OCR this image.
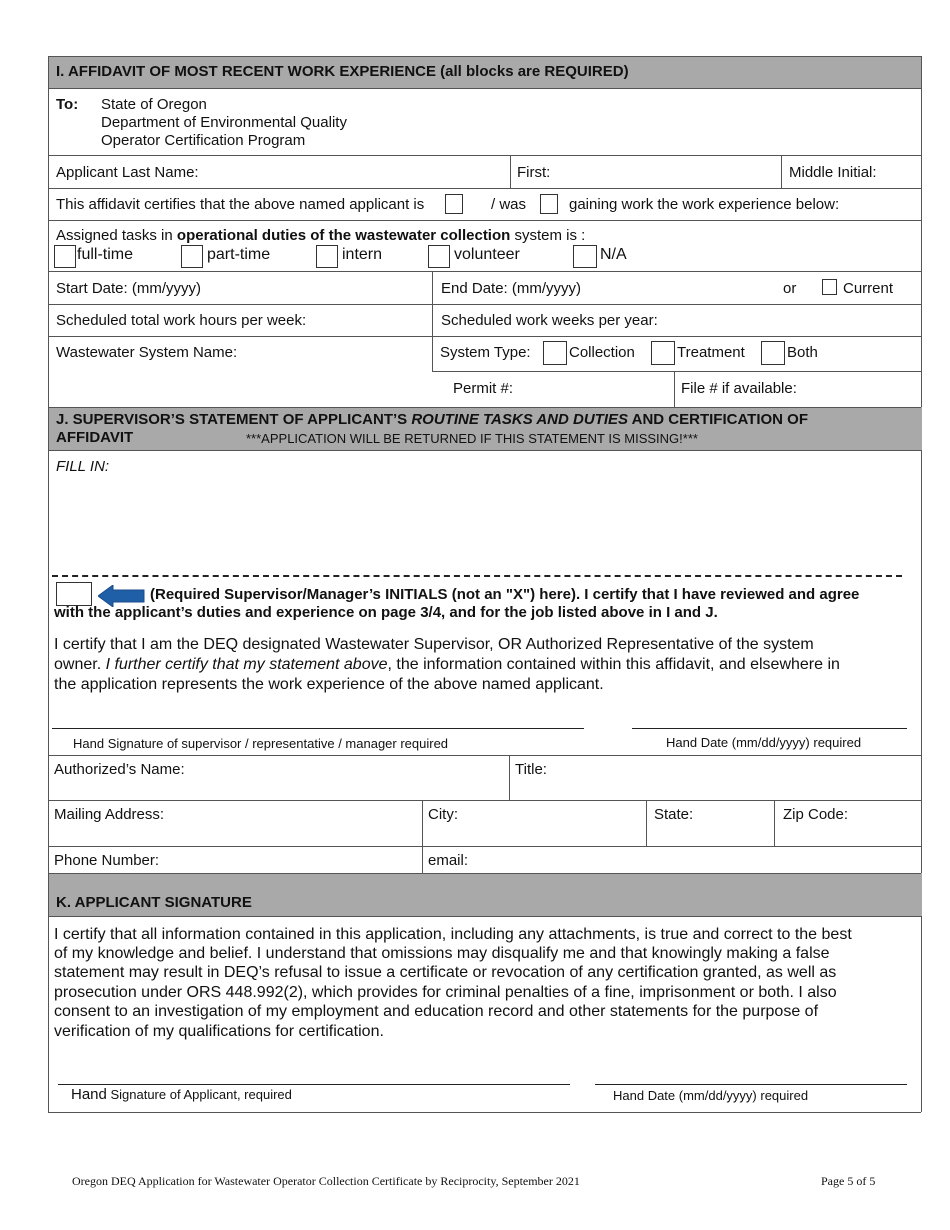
I. AFFIDAVIT OF MOST RECENT WORK EXPERIENCE (all blocks are REQUIRED)
To: State of Oregon
Department of Environmental Quality
Operator Certification Program
Applicant Last Name:	First:	Middle Initial:
This affidavit certifies that the above named applicant is	/ was	gaining work the work experience below:
Assigned tasks in operational duties of the wastewater collection system is :
full-time	part-time	intern	volunteer	N/A
Start Date: (mm/yyyy)	End Date: (mm/yyyy)	or	Current
Scheduled total work hours per week:	Scheduled work weeks per year:
Wastewater System Name:	System Type:	Collection	Treatment	Both
Permit #:	File # if available:
J. SUPERVISOR’S STATEMENT OF APPLICANT’S ROUTINE TASKS AND DUTIES AND CERTIFICATION OF
AFFIDAVIT	***APPLICATION WILL BE RETURNED IF THIS STATEMENT IS MISSING!***
FILL IN:
(Required Supervisor/Manager’s INITIALS (not an "X") here). I certify that I have reviewed and agree
with the applicant’s duties and experience on page 3/4, and for the job listed above in I and J.
I certify that I am the DEQ designated Wastewater Supervisor, OR Authorized Representative of the system
owner. I further certify that my statement above, the information contained within this affidavit, and elsewhere in
the application represents the work experience of the above named applicant.
Hand Signature of supervisor / representative / manager required	Hand Date (mm/dd/yyyy) required
Authorized’s Name:	Title:
Mailing Address:	City:	State:	Zip Code:
Phone Number:	email:
K. APPLICANT SIGNATURE
I certify that all information contained in this application, including any attachments, is true and correct to the best
of my knowledge and belief. I understand that omissions may disqualify me and that knowingly making a false
statement may result in DEQ’s refusal to issue a certificate or revocation of any certification granted, as well as
prosecution under ORS 448.992(2), which provides for criminal penalties of a fine, imprisonment or both. I also
consent to an investigation of my employment and education record and other statements for the purpose of
verification of my qualifications for certification.
Hand Signature of Applicant, required	Hand Date (mm/dd/yyyy) required
Oregon DEQ Application for Wastewater Operator Collection Certificate by Reciprocity, September 2021	Page 5 of 5
